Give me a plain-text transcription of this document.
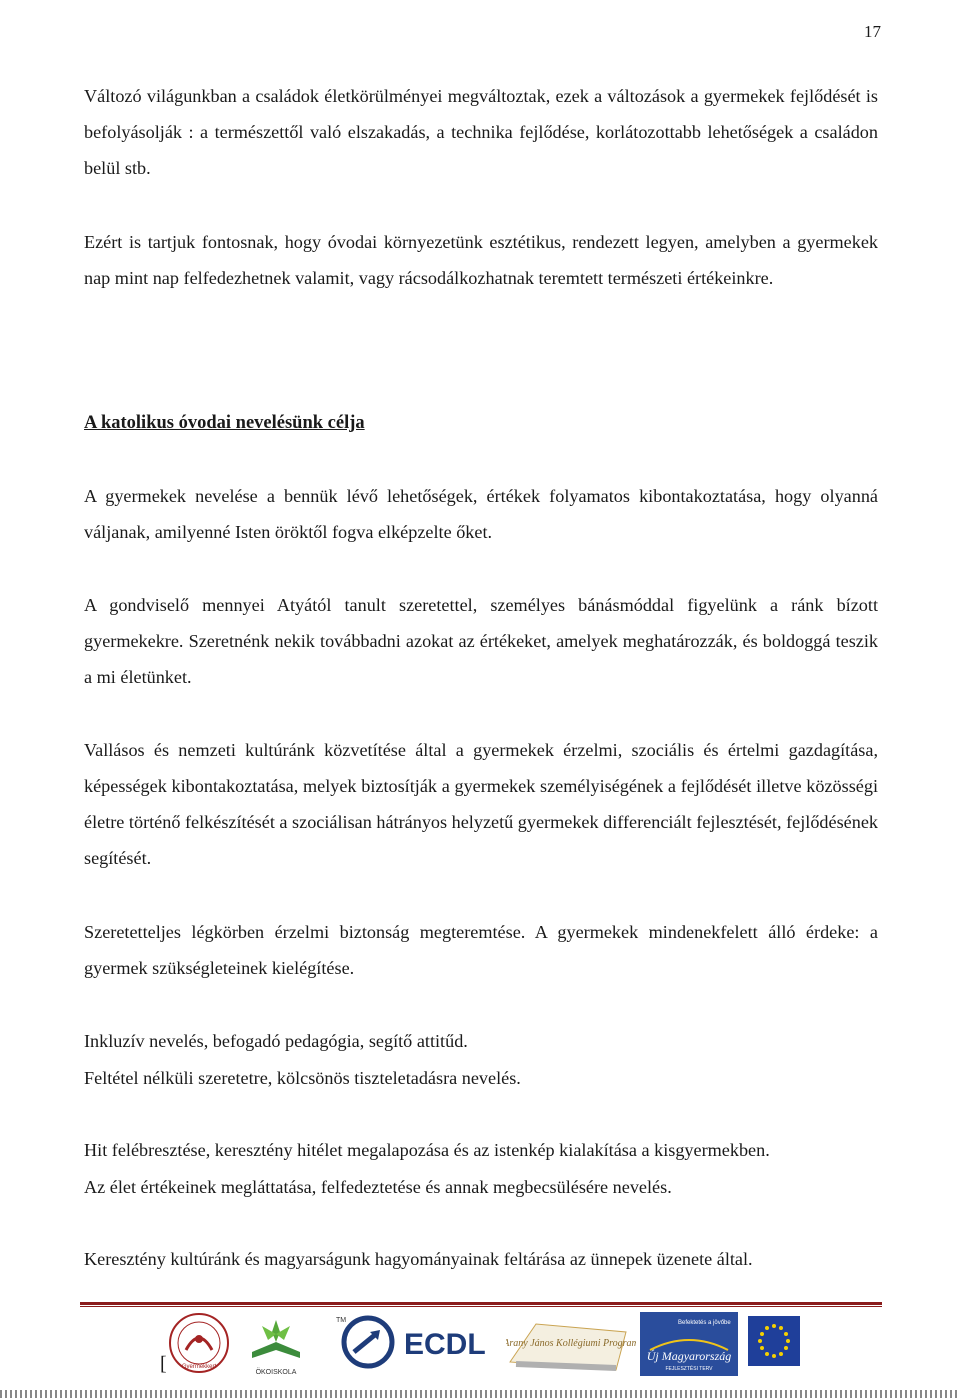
17

Változó világunkban a családok életkörülményei megváltoztak, ezek a változások a gyermekek fejlődését is befolyásolják : a természettől való elszakadás, a technika fejlődése, korlátozottabb lehetőségek a családon belül stb.

Ezért is tartjuk fontosnak, hogy óvodai környezetünk esztétikus, rendezett legyen, amelyben a gyermekek nap mint nap felfedezhetnek valamit, vagy rácsodálkozhatnak teremtett természeti értékeinkre.

A katolikus óvodai nevelésünk célja

A gyermekek nevelése a bennük lévő lehetőségek, értékek folyamatos kibontakoztatása, hogy olyanná váljanak, amilyenné Isten öröktől fogva elképzelte őket.

A gondviselő mennyei Atyától tanult szeretettel, személyes bánásmóddal figyelünk a ránk bízott gyermekekre. Szeretnénk nekik továbbadni azokat az értékeket, amelyek meghatározzák, és boldoggá teszik a mi életünket.

Vallásos és nemzeti kultúránk közvetítése által a gyermekek érzelmi, szociális és értelmi gazdagítása, képességek kibontakoztatása, melyek biztosítják a gyermekek személyiségének a fejlődését illetve közösségi életre történő felkészítését a szociálisan hátrányos helyzetű gyermekek differenciált fejlesztését, fejlődésének segítését.

Szeretetteljes légkörben érzelmi biztonság megteremtése. A gyermekek mindenekfelett álló érdeke: a gyermek szükségleteinek kielégítése.

Inkluzív nevelés, befogadó pedagógia, segítő attitűd.
Feltétel nélküli szeretetre, kölcsönös tiszteletadásra nevelés.
Hit felébresztése, keresztény hitélet megalapozása és az istenkép kialakítása a kisgyermekben.
Az élet értékeinek megláttatása, felfedeztetése és annak megbecsülésére nevelés.
Keresztény kultúránk és magyarságunk hagyományainak feltárása az ünnepek üzenete által.
[	Gyermekkert
ÖKOISKOLA
TM
ECDL Arany János Kollégiumi Program
Befektetés a jövőbe
Új Magyarország
FEJLESZTÉSI TERV
